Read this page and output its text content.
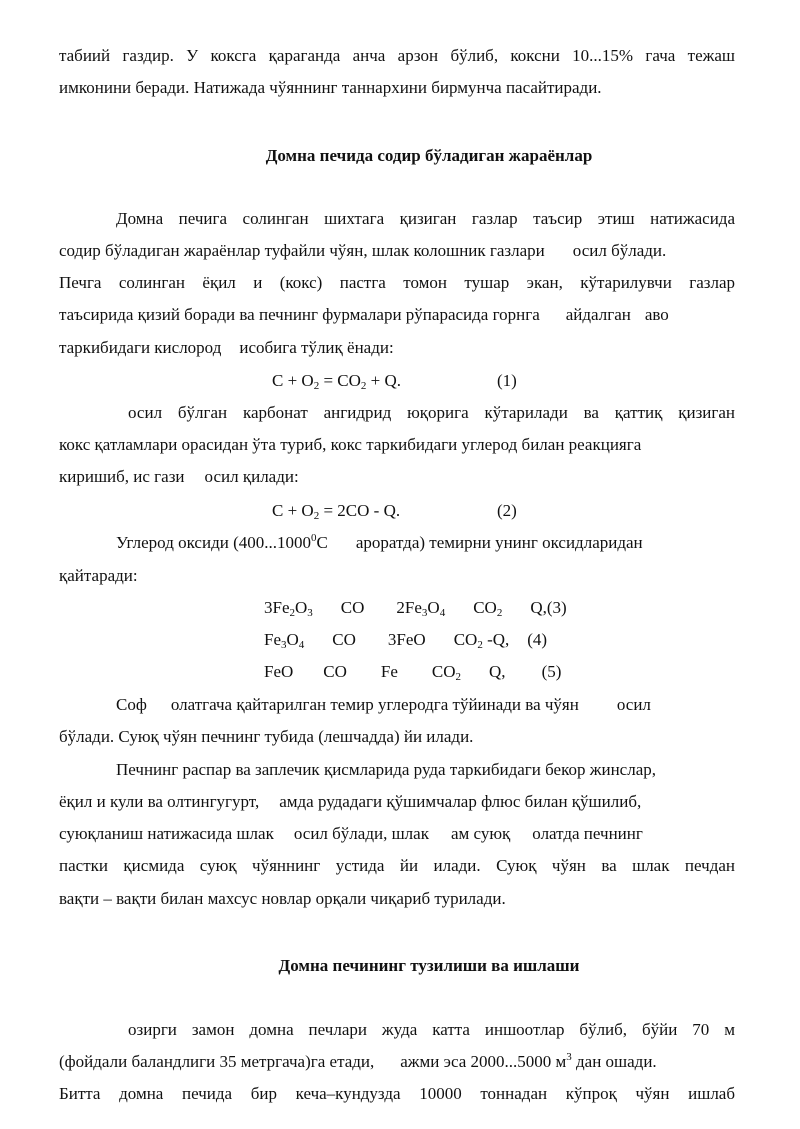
табиий газдир. У коксга қараганда анча арзон бўлиб, коксни 10...15% гача тежаш

имконини беради. Натижада чўяннинг таннархини бирмунча пасайтиради.

Домна печида содир бўладиган жараёнлар

Домна печига солинган шихтага қизиган газлар таъсир этиш натижасида

содир бўладиган жараёнлар туфайли чўян, шлак колошник газлари осил бўлади.

Печга солинган ёқил и (кокс) пастга томон тушар экан, кўтарилувчи газлар

таъсирида қизий боради ва печнинг фурмалари рўпарасида горнга айдалган аво

таркибидаги кислород исобига тўлиқ ёнади:

$C + O_2 = CO_2 + Q$.	(1)

осил бўлган карбонат ангидрид юқорига кўтарилади ва қаттиқ қизиган

кокс қатламлари орасидан ўта туриб, кокс таркибидаги углерод билан реакцияга

киришиб, ис гази осил қилади:

$C + O_2 = 2CO - Q$.	(2)

Углерод оксиди (400...1000$^0$C ароратда) темирни унинг оксидларидан

қайтаради:

$3Fe_2O_3$ CO $2Fe_3O_4$ $CO_2$ Q,(3)
$Fe_3O_4$ CO 3FeO $CO_2$ -Q, (4)
FeO CO Fe $CO_2$ Q, (5)

Соф олатгача қайтарилган темир углеродга тўйинади ва чўян осил

бўлади. Суюқ чўян печнинг тубида (лешчадда) йи илади.

Печнинг распар ва заплечик қисмларида руда таркибидаги бекор жинслар,

ёқил и кули ва олтингугурт, амда рудадаги қўшимчалар флюс билан қўшилиб,

суюқланиш натижасида шлак осил бўлади, шлак ам суюқ олатда печнинг

пастки қисмида суюқ чўяннинг устида йи илади. Суюқ чўян ва шлак печдан

вақти – вақти билан махсус новлар орқали чиқариб турилади.

Домна печининг тузилиши ва ишлаши

озирги замон домна печлари жуда катта иншоотлар бўлиб, бўйи 70 м

(фойдали баландлиги 35 метргача)га етади, ажми эса 2000...5000 $м^3$ дан ошади.

Битта домна печида бир кеча–кундузда 10000 тоннадан кўпроқ чўян ишлаб
